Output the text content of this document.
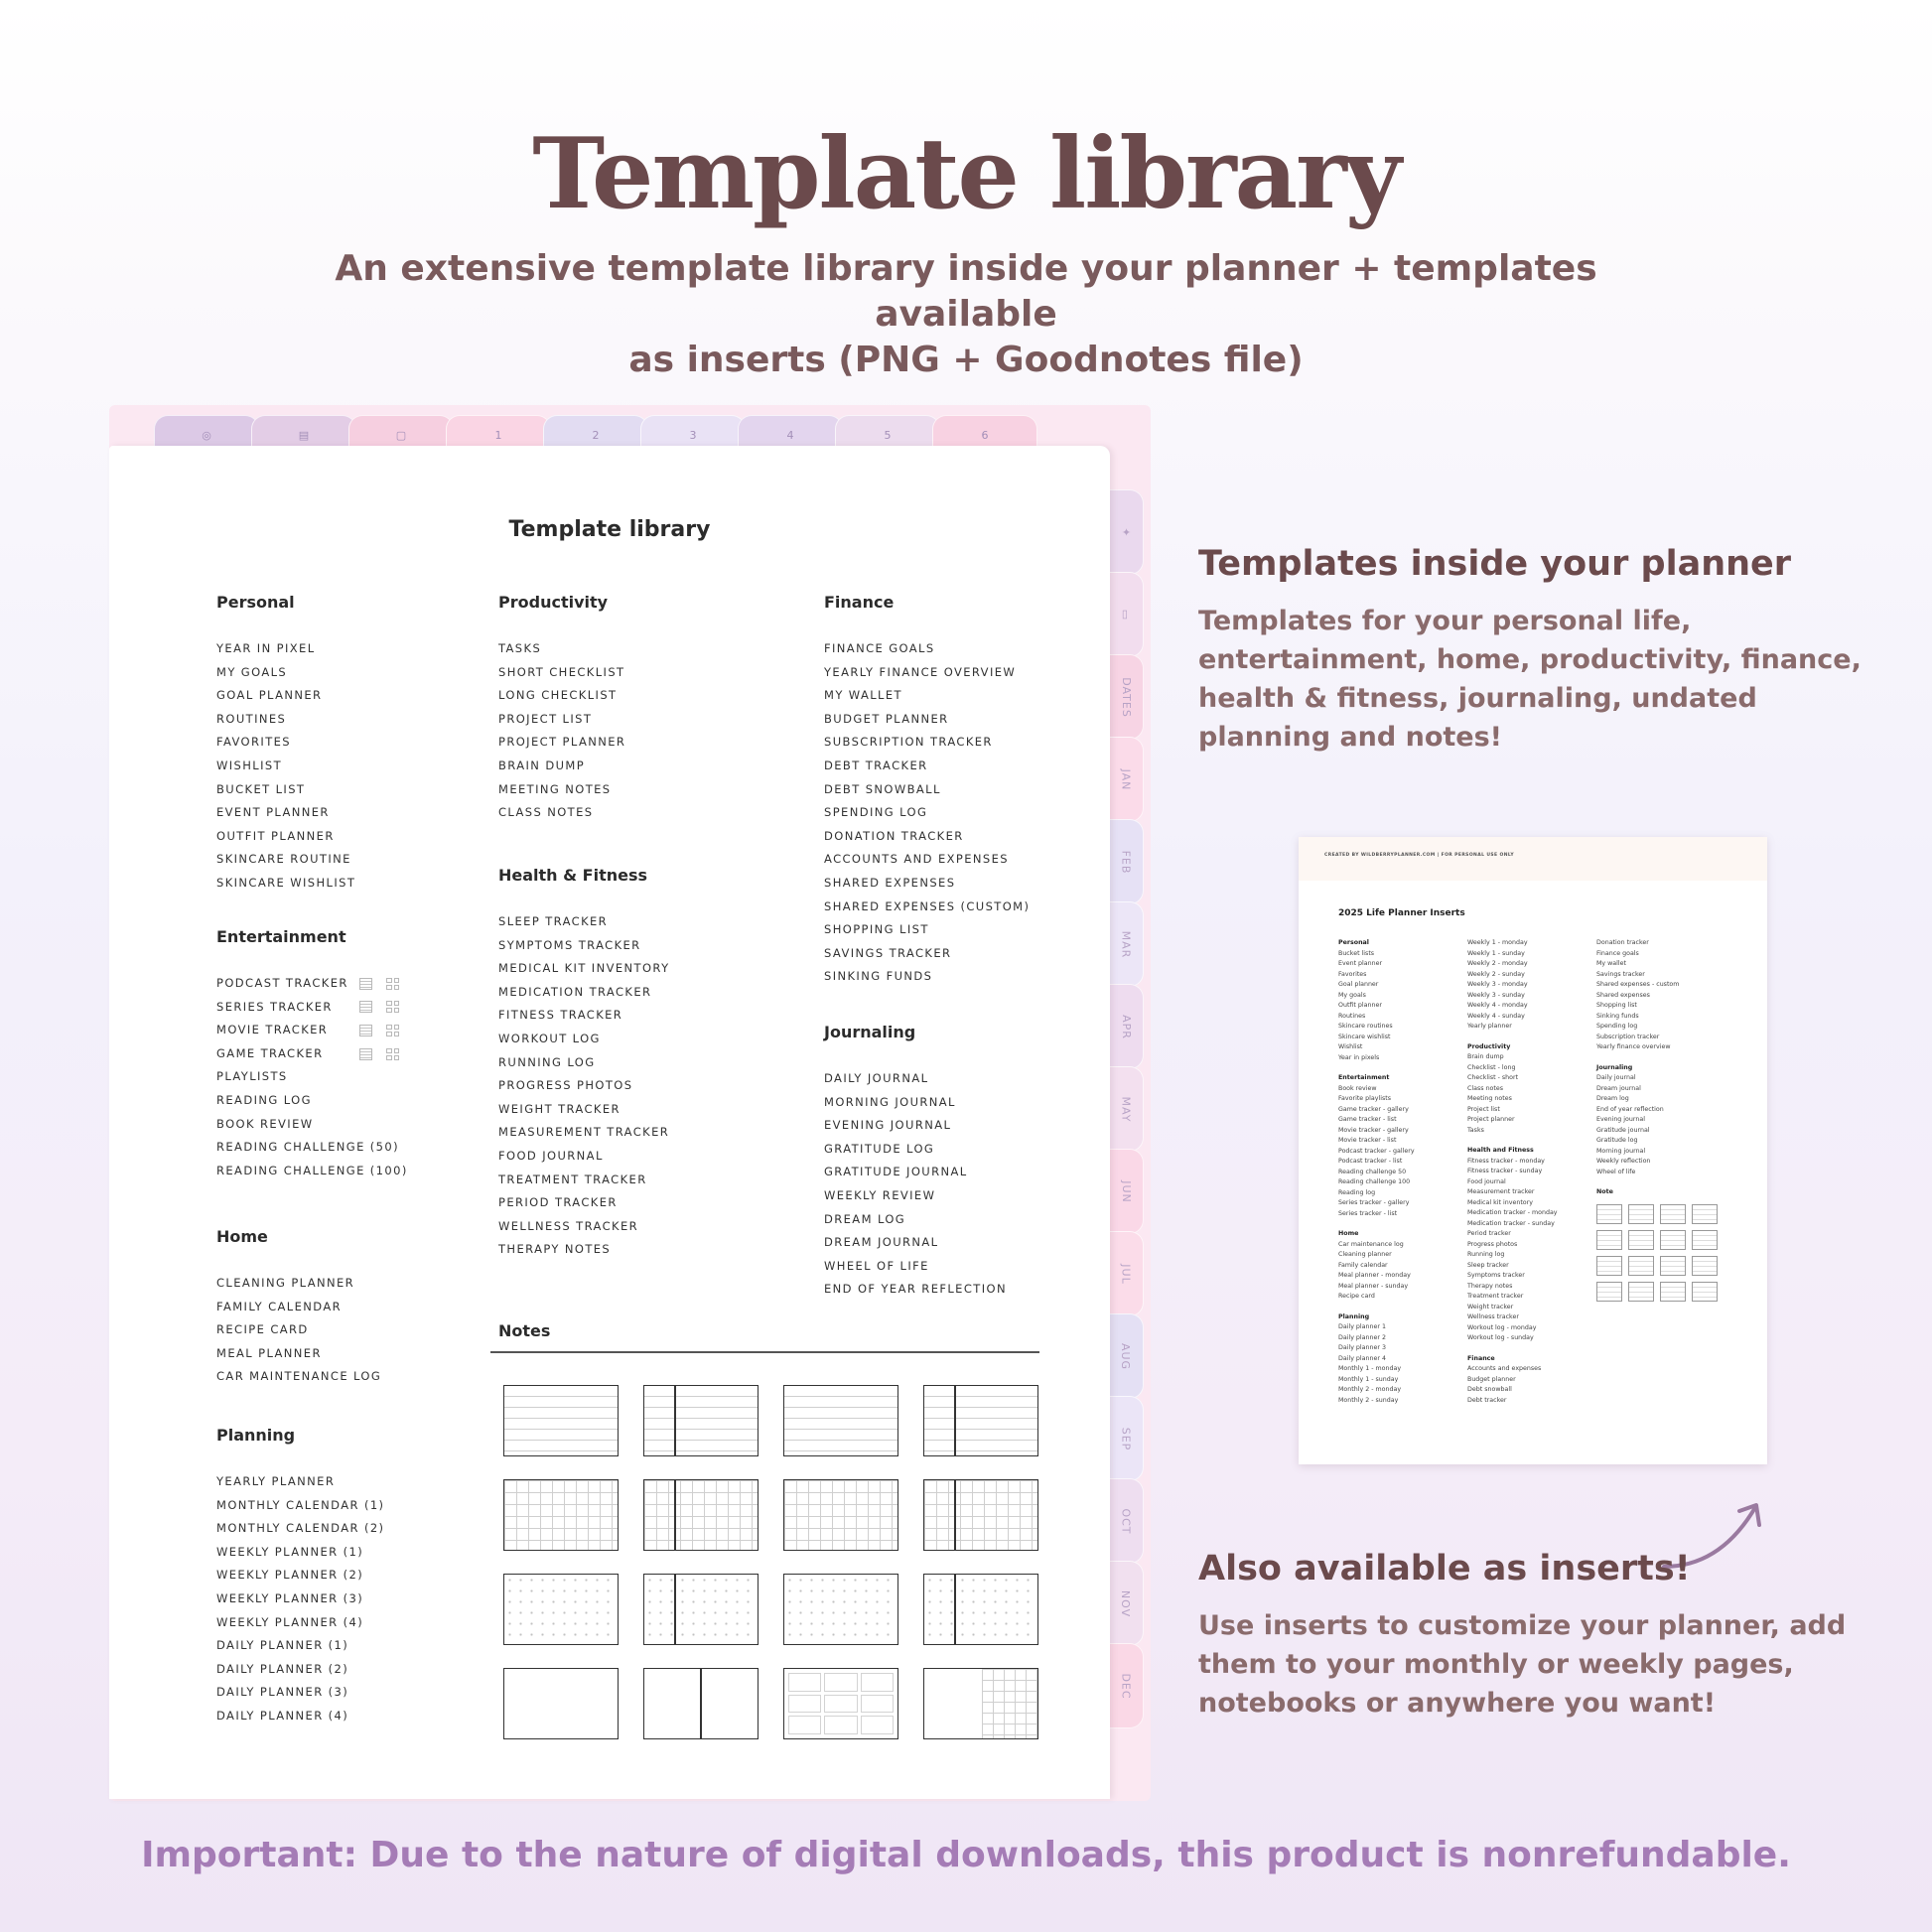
Template library
An extensive template library inside your planner + templates available
as inserts (PNG + Goodnotes file)
◎	▤	▢	1	2	3	4	5	6
✦
▭
DATES
JAN
FEB
MAR
APR
MAY
JUN
JUL
AUG
SEP
OCT
NOV
DEC
Template library
Personal
YEAR IN PIXEL
MY GOALS
GOAL PLANNER
ROUTINES
FAVORITES
WISHLIST
BUCKET LIST
EVENT PLANNER
OUTFIT PLANNER
SKINCARE ROUTINE
SKINCARE WISHLIST
Entertainment
PODCAST TRACKER
SERIES TRACKER
MOVIE TRACKER
GAME TRACKER
PLAYLISTS
READING LOG
BOOK REVIEW
READING CHALLENGE (50)
READING CHALLENGE (100)
Home
CLEANING PLANNER
FAMILY CALENDAR
RECIPE CARD
MEAL PLANNER
CAR MAINTENANCE LOG
Planning
YEARLY PLANNER
MONTHLY CALENDAR (1)
MONTHLY CALENDAR (2)
WEEKLY PLANNER (1)
WEEKLY PLANNER (2)
WEEKLY PLANNER (3)
WEEKLY PLANNER (4)
DAILY PLANNER (1)
DAILY PLANNER (2)
DAILY PLANNER (3)
DAILY PLANNER (4)
Productivity
TASKS
SHORT CHECKLIST
LONG CHECKLIST
PROJECT LIST
PROJECT PLANNER
BRAIN DUMP
MEETING NOTES
CLASS NOTES
Health & Fitness
SLEEP TRACKER
SYMPTOMS TRACKER
MEDICAL KIT INVENTORY
MEDICATION TRACKER
FITNESS TRACKER
WORKOUT LOG
RUNNING LOG
PROGRESS PHOTOS
WEIGHT TRACKER
MEASUREMENT TRACKER
FOOD JOURNAL
TREATMENT TRACKER
PERIOD TRACKER
WELLNESS TRACKER
THERAPY NOTES
Finance
FINANCE GOALS
YEARLY FINANCE OVERVIEW
MY WALLET
BUDGET PLANNER
SUBSCRIPTION TRACKER
DEBT TRACKER
DEBT SNOWBALL
SPENDING LOG
DONATION TRACKER
ACCOUNTS AND EXPENSES
SHARED EXPENSES
SHARED EXPENSES (CUSTOM)
SHOPPING LIST
SAVINGS TRACKER
SINKING FUNDS
Journaling
DAILY JOURNAL
MORNING JOURNAL
EVENING JOURNAL
GRATITUDE LOG
GRATITUDE JOURNAL
WEEKLY REVIEW
DREAM LOG
DREAM JOURNAL
WHEEL OF LIFE
END OF YEAR REFLECTION
Notes
Templates inside your planner
Templates for your personal life, entertainment, home, productivity, finance, health & fitness, journaling, undated planning and notes!
CREATED BY WILDBERRYPLANNER.COM | FOR PERSONAL USE ONLY
2025 Life Planner Inserts
Personal
Bucket lists
Event planner
Favorites
Goal planner
My goals
Outfit planner
Routines
Skincare routines
Skincare wishlist
Wishlist
Year in pixels
Entertainment
Book review
Favorite playlists
Game tracker - gallery
Game tracker - list
Movie tracker - gallery
Movie tracker - list
Podcast tracker - gallery
Podcast tracker - list
Reading challenge 50
Reading challenge 100
Reading log
Series tracker - gallery
Series tracker - list
Home
Car maintenance log
Cleaning planner
Family calendar
Meal planner - monday
Meal planner - sunday
Recipe card
Planning
Daily planner 1
Daily planner 2
Daily planner 3
Daily planner 4
Monthly 1 - monday
Monthly 1 - sunday
Monthly 2 - monday
Monthly 2 - sunday
Weekly 1 - monday
Weekly 1 - sunday
Weekly 2 - monday
Weekly 2 - sunday
Weekly 3 - monday
Weekly 3 - sunday
Weekly 4 - monday
Weekly 4 - sunday
Yearly planner
Productivity
Brain dump
Checklist - long
Checklist - short
Class notes
Meeting notes
Project list
Project planner
Tasks
Health and Fitness
Fitness tracker - monday
Fitness tracker - sunday
Food journal
Measurement tracker
Medical kit inventory
Medication tracker - monday
Medication tracker - sunday
Period tracker
Progress photos
Running log
Sleep tracker
Symptoms tracker
Therapy notes
Treatment tracker
Weight tracker
Wellness tracker
Workout log - monday
Workout log - sunday
Finance
Accounts and expenses
Budget planner
Debt snowball
Debt tracker
Donation tracker
Finance goals
My wallet
Savings tracker
Shared expenses - custom
Shared expenses
Shopping list
Sinking funds
Spending log
Subscription tracker
Yearly finance overview
Journaling
Daily journal
Dream journal
Dream log
End of year reflection
Evening journal
Gratitude journal
Gratitude log
Morning journal
Weekly reflection
Wheel of life
Note
Also available as inserts!
Use inserts to customize your planner, add them to your monthly or weekly pages, notebooks or anywhere you want!
Important: Due to the nature of digital downloads, this product is nonrefundable.
